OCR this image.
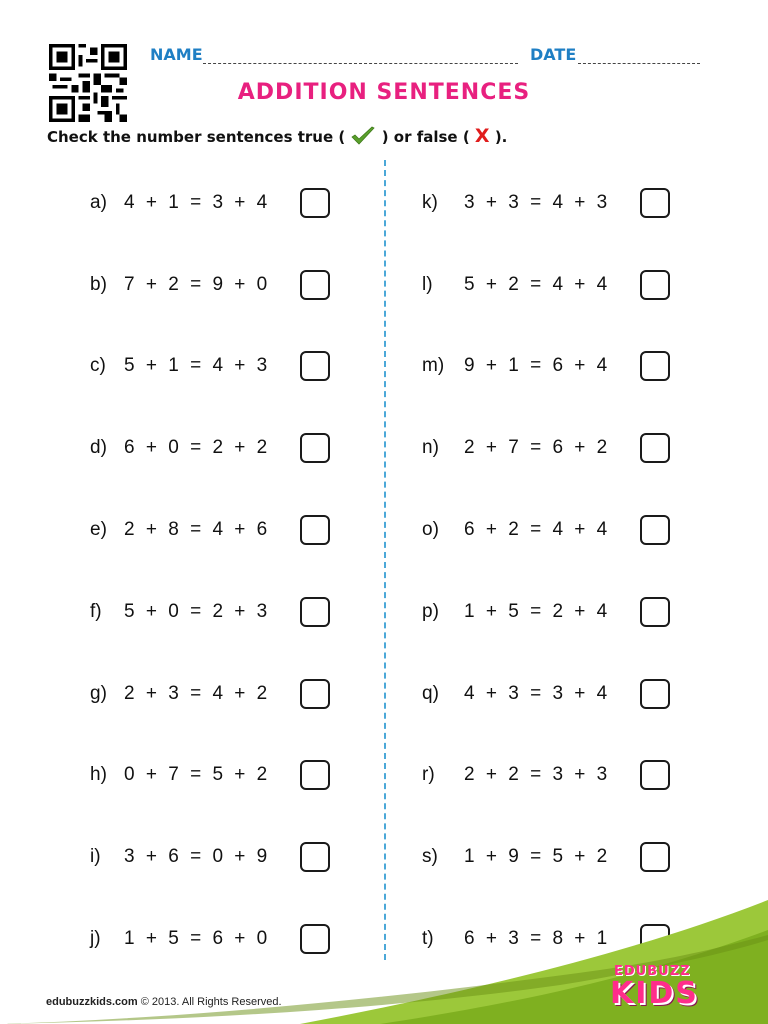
NAME	DATE
ADDITION SENTENCES
Check the number sentences true ( ) or false ( X ).
a) 4 + 1 = 3 + 4
b) 7 + 2 = 9 + 0
c) 5 + 1 = 4 + 3
d) 6 + 0 = 2 + 2
e) 2 + 8 = 4 + 6
f)	5 + 0 = 2 + 3
g) 2 + 3 = 4 + 2
h) 0 + 7 = 5 + 2
i)	3 + 6 = 0 + 9
j)	1 + 5 = 6 + 0
k)	3 + 3 = 4 + 3
l)	5 + 2 = 4 + 4
m)	9 + 1 = 6 + 4
n)	2 + 7 = 6 + 2
o)	6 + 2 = 4 + 4
p)	1 + 5 = 2 + 4
q)	4 + 3 = 3 + 4
r)	2 + 2 = 3 + 3
s)	1 + 9 = 5 + 2
t)	6 + 3 = 8 + 1
edubuzzkids.com © 2013. All Rights Reserved.
EDUBUZZ
KIDS
